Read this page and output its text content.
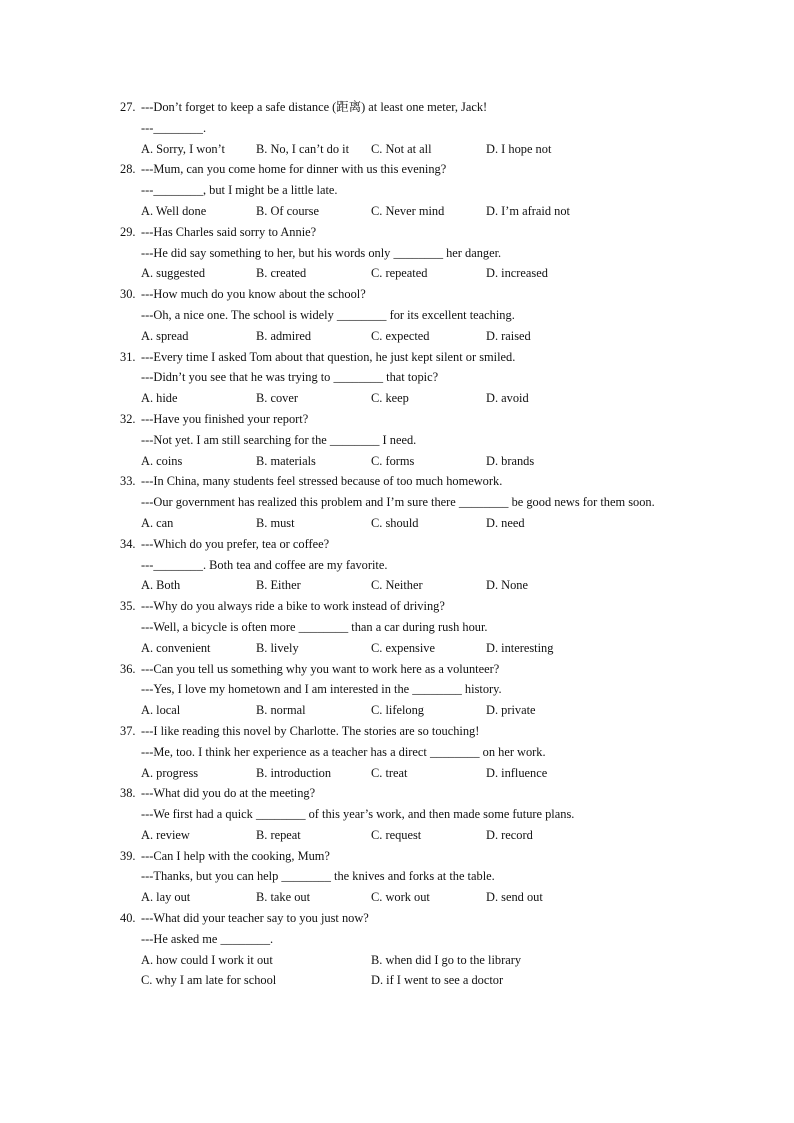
27. ---Don’t forget to keep a safe distance (距离) at least one meter, Jack!
---________.
A. Sorry, I won’t	B. No, I can’t do it	C. Not at all	D. I hope not
28. ---Mum, can you come home for dinner with us this evening?
---________, but I might be a little late.
A. Well done	B. Of course	C. Never mind	D. I’m afraid not
29. ---Has Charles said sorry to Annie?
---He did say something to her, but his words only ________ her danger.
A. suggested	B. created	C. repeated	D. increased
30. ---How much do you know about the school?
---Oh, a nice one. The school is widely ________ for its excellent teaching.
A. spread	B. admired	C. expected	D. raised
31. ---Every time I asked Tom about that question, he just kept silent or smiled.
---Didn’t you see that he was trying to ________ that topic?
A. hide	B. cover	C. keep	D. avoid
32. ---Have you finished your report?
---Not yet. I am still searching for the ________ I need.
A. coins	B. materials	C. forms	D. brands
33. ---In China, many students feel stressed because of too much homework.
---Our government has realized this problem and I’m sure there ________ be good news for them soon.
A. can	B. must	C. should	D. need
34. ---Which do you prefer, tea or coffee?
---________. Both tea and coffee are my favorite.
A. Both	B. Either	C. Neither	D. None
35. ---Why do you always ride a bike to work instead of driving?
---Well, a bicycle is often more ________ than a car during rush hour.
A. convenient	B. lively	C. expensive	D. interesting
36. ---Can you tell us something why you want to work here as a volunteer?
---Yes, I love my hometown and I am interested in the ________ history.
A. local	B. normal	C. lifelong	D. private
37. ---I like reading this novel by Charlotte. The stories are so touching!
---Me, too. I think her experience as a teacher has a direct ________ on her work.
A. progress	B. introduction	C. treat	D. influence
38. ---What did you do at the meeting?
---We first had a quick ________ of this year’s work, and then made some future plans.
A. review	B. repeat	C. request	D. record
39. ---Can I help with the cooking, Mum?
---Thanks, but you can help ________ the knives and forks at the table.
A. lay out	B. take out	C. work out	D. send out
40. ---What did your teacher say to you just now?
---He asked me ________.
A. how could I work it out	B. when did I go to the library
C. why I am late for school	D. if I went to see a doctor
